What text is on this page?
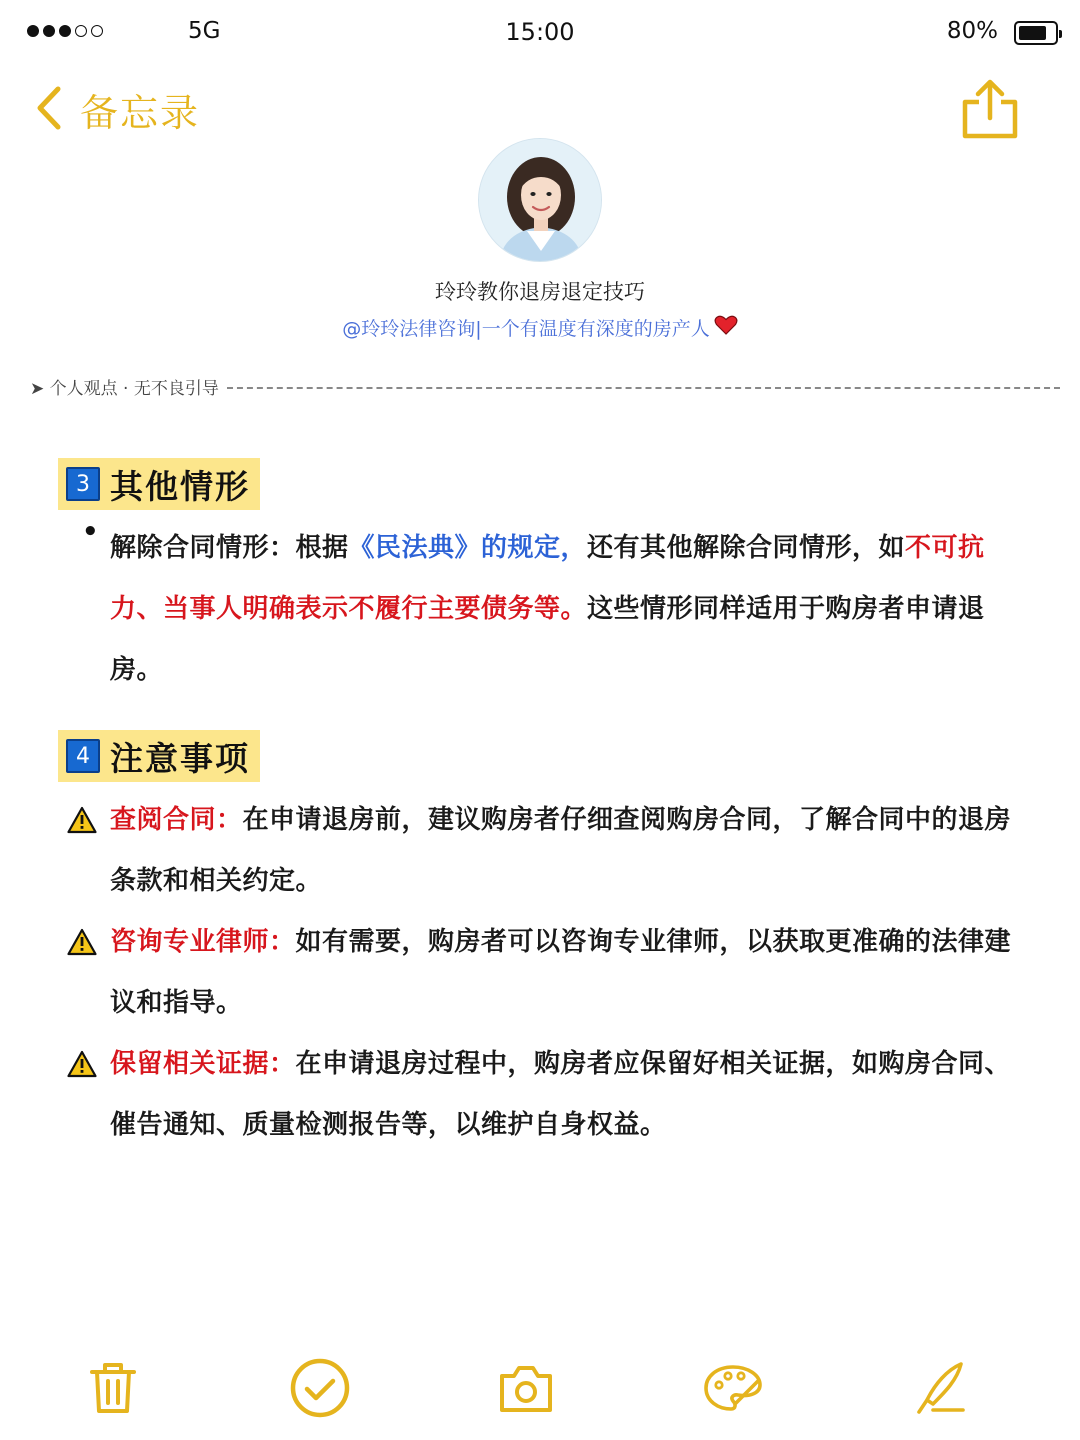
5G	15:00	80%
备忘录
玲玲教你退房退定技巧
@玲玲法律咨询|一个有温度有深度的房产人
➤ 个人观点 · 无不良引导
3 其他情形
•
解除合同情形：根据《民法典》的规定，还有其他解除合同情形，如不可抗力、当事人明确表示不履行主要债务等。这些情形同样适用于购房者申请退房。
4 注意事项
查阅合同：在申请退房前，建议购房者仔细查阅购房合同，了解合同中的退房条款和相关约定。
咨询专业律师：如有需要，购房者可以咨询专业律师，以获取更准确的法律建议和指导。
保留相关证据：在申请退房过程中，购房者应保留好相关证据，如购房合同、催告通知、质量检测报告等，以维护自身权益。
